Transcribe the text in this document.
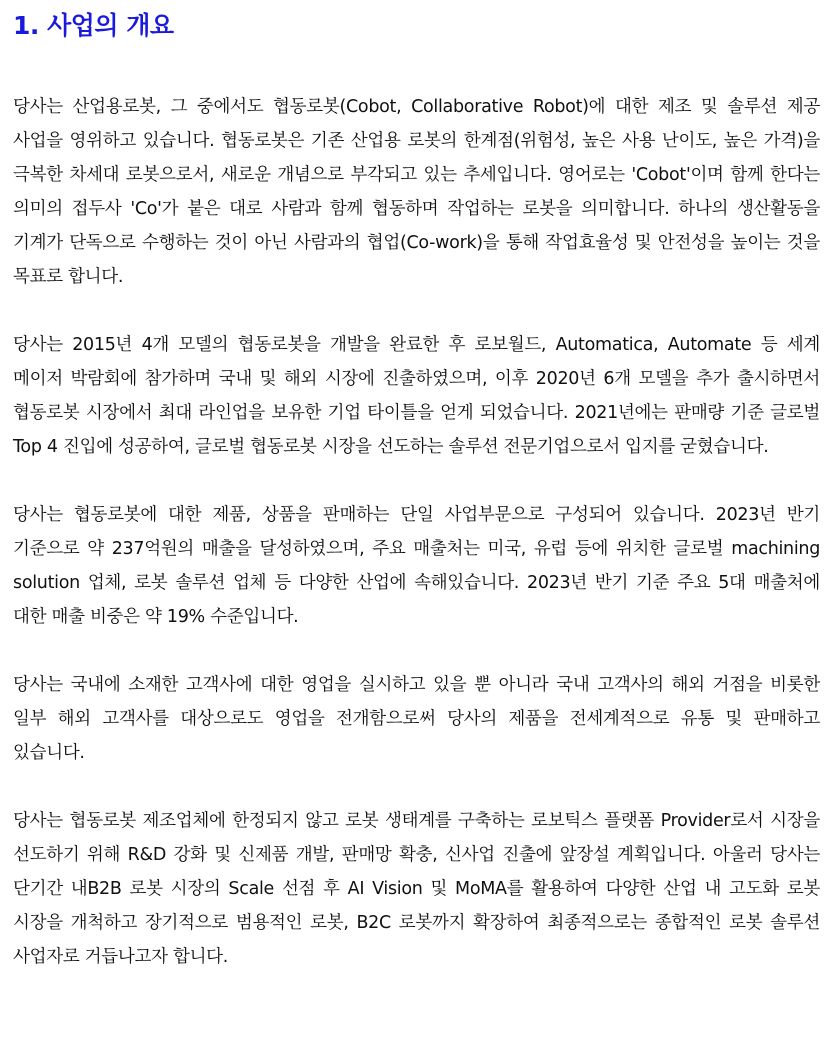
1. 사업의 개요

당사는 산업용로봇, 그 중에서도 협동로봇(Cobot, Collaborative Robot)에 대한 제조 및 솔루션 제공 사업을 영위하고 있습니다. 협동로봇은 기존 산업용 로봇의 한계점(위험성, 높은 사용 난이도, 높은 가격)을 극복한 차세대 로봇으로서, 새로운 개념으로 부각되고 있는 추세입니다. 영어로는 'Cobot'이며 함께 한다는 의미의 접두사 'Co'가 붙은 대로 사람과 함께 협동하며 작업하는 로봇을 의미합니다. 하나의 생산활동을 기계가 단독으로 수행하는 것이 아닌 사람과의 협업(Co-work)을 통해 작업효율성 및 안전성을 높이는 것을 목표로 합니다.

당사는 2015년 4개 모델의 협동로봇을 개발을 완료한 후 로보월드, Automatica, Automate 등 세계 메이저 박람회에 참가하며 국내 및 해외 시장에 진출하였으며, 이후 2020년 6개 모델을 추가 출시하면서 협동로봇 시장에서 최대 라인업을 보유한 기업 타이틀을 얻게 되었습니다. 2021년에는 판매량 기준 글로벌 Top 4 진입에 성공하여, 글로벌 협동로봇 시장을 선도하는 솔루션 전문기업으로서 입지를 굳혔습니다.

당사는 협동로봇에 대한 제품, 상품을 판매하는 단일 사업부문으로 구성되어 있습니다. 2023년 반기 기준으로 약 237억원의 매출을 달성하였으며, 주요 매출처는 미국, 유럽 등에 위치한 글로벌 machining solution 업체, 로봇 솔루션 업체 등 다양한 산업에 속해있습니다. 2023년 반기 기준 주요 5대 매출처에 대한 매출 비중은 약 19% 수준입니다.

당사는 국내에 소재한 고객사에 대한 영업을 실시하고 있을 뿐 아니라 국내 고객사의 해외 거점을 비롯한 일부 해외 고객사를 대상으로도 영업을 전개함으로써 당사의 제품을 전세계적으로 유통 및 판매하고 있습니다.

당사는 협동로봇 제조업체에 한정되지 않고 로봇 생태계를 구축하는 로보틱스 플랫폼 Provider로서 시장을 선도하기 위해 R&D 강화 및 신제품 개발, 판매망 확충, 신사업 진출에 앞장설 계획입니다. 아울러 당사는 단기간 내B2B 로봇 시장의 Scale 선점 후 AI Vision 및 MoMA를 활용하여 다양한 산업 내 고도화 로봇 시장을 개척하고 장기적으로 범용적인 로봇, B2C 로봇까지 확장하여 최종적으로는 종합적인 로봇 솔루션 사업자로 거듭나고자 합니다.
